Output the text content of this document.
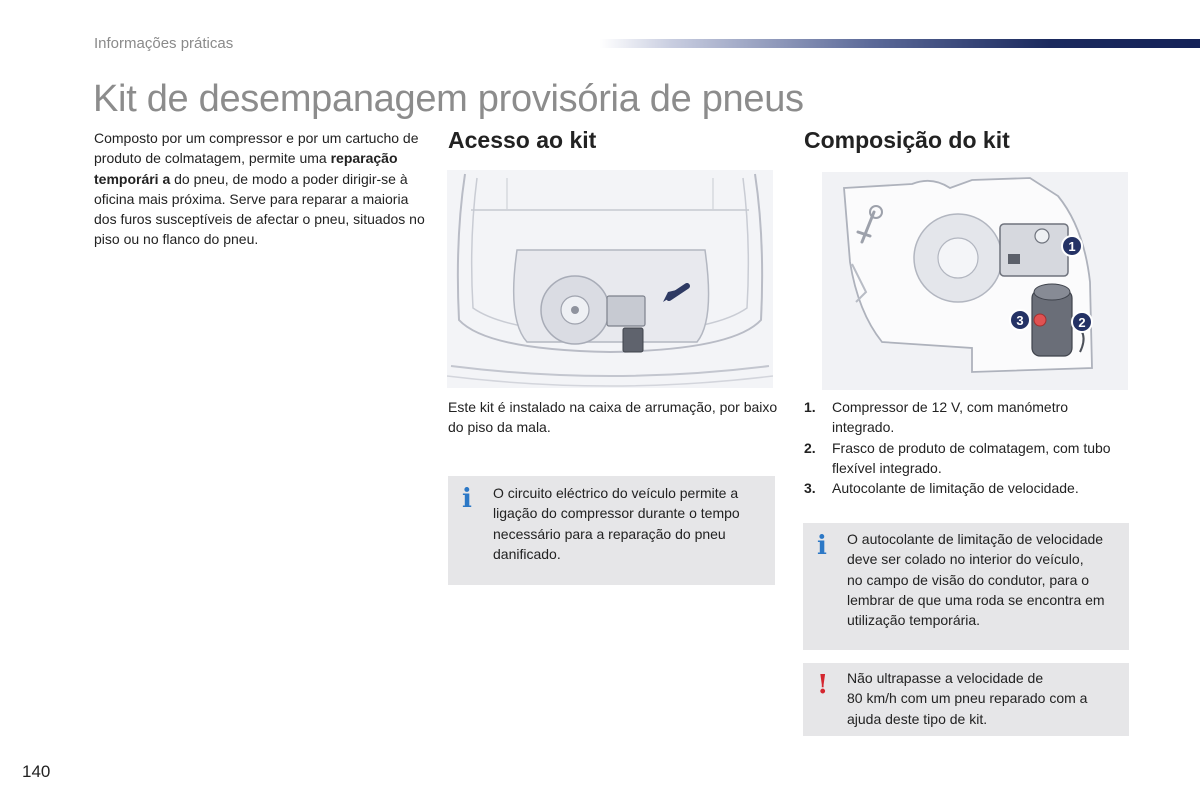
Informações práticas
Kit de desempanagem provisória de pneus

Composto por um compressor e por um cartucho de produto de colmatagem, permite uma reparação temporári a do pneu, de modo a poder dirigir-se à oficina mais próxima. Serve para reparar a maioria dos furos susceptíveis de afectar o pneu, situados no piso ou no flanco do pneu.

Acesso ao kit

Este kit é instalado na caixa de arrumação, por baixo do piso da mala.

i O circuito eléctrico do veículo permite a ligação do compressor durante o tempo necessário para a reparação do pneu danificado.

Composição do kit
1
2
3
1. Compressor de 12 V, com manómetro integrado.
2. Frasco de produto de colmatagem, com tubo flexível integrado.
3. Autocolante de limitação de velocidade.
i O autocolante de limitação de velocidade
deve ser colado no interior do veículo,
no campo de visão do condutor, para o
lembrar de que uma roda se encontra em
utilização temporária.
! Não ultrapasse a velocidade de
80 km/h com um pneu reparado com a
ajuda deste tipo de kit.
140
